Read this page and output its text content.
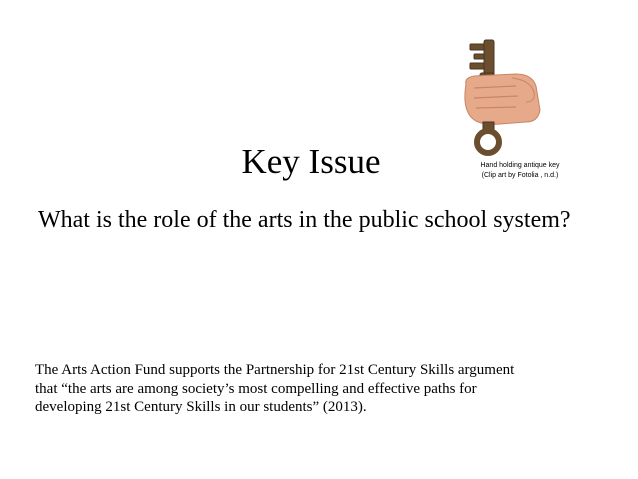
Hand holding antique key
(Clip art by Fotolia , n.d.)
Key Issue
What is the role of the arts in the public school system?
The Arts Action Fund supports the Partnership for 21st Century Skills argument
that “the arts are among society’s most compelling and effective paths for
developing 21st Century Skills in our students” (2013).
